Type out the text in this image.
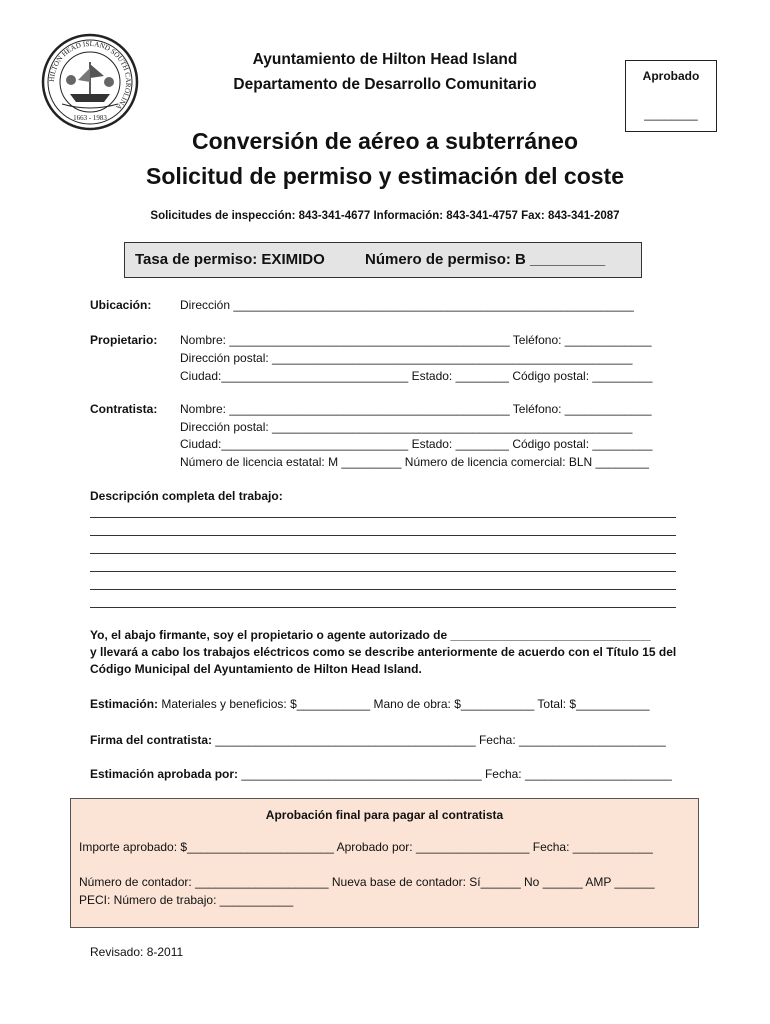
HILTON HEAD ISLAND SOUTH CAROLINA
1663 - 1983
Ayuntamiento de Hilton Head Island
Departamento de Desarrollo Comunitario	Aprobado
________
Conversión de aéreo a subterráneo
Solicitud de permiso y estimación del coste
Solicitudes de inspección: 843-341-4677 Información: 843-341-4757 Fax: 843-341-2087
Tasa de permiso: EXIMIDO	Número de permiso: B _________
Ubicación: Dirección ____________________________________________________________
Propietario: Nombre: __________________________________________ Teléfono: _____________
Dirección postal: ______________________________________________________
Ciudad:____________________________ Estado: ________ Código postal: _________
Contratista: Nombre: __________________________________________ Teléfono: _____________
Dirección postal: ______________________________________________________
Ciudad:____________________________ Estado: ________ Código postal: _________
Número de licencia estatal: M _________ Número de licencia comercial: BLN ________
Descripción completa del trabajo:
Yo, el abajo firmante, soy el propietario o agente autorizado de ______________________________
y llevará a cabo los trabajos eléctricos como se describe anteriormente de acuerdo con el Título 15 del
Código Municipal del Ayuntamiento de Hilton Head Island.
Estimación: Materiales y beneficios: $___________ Mano de obra: $___________ Total: $___________
Firma del contratista: _______________________________________ Fecha: ______________________
Estimación aprobada por: ____________________________________ Fecha: ______________________
Aprobación final para pagar al contratista
Importe aprobado: $______________________ Aprobado por: _________________ Fecha: ____________
Número de contador: ____________________ Nueva base de contador: Sí______ No ______ AMP ______
PECI: Número de trabajo: ___________
Revisado: 8-2011
